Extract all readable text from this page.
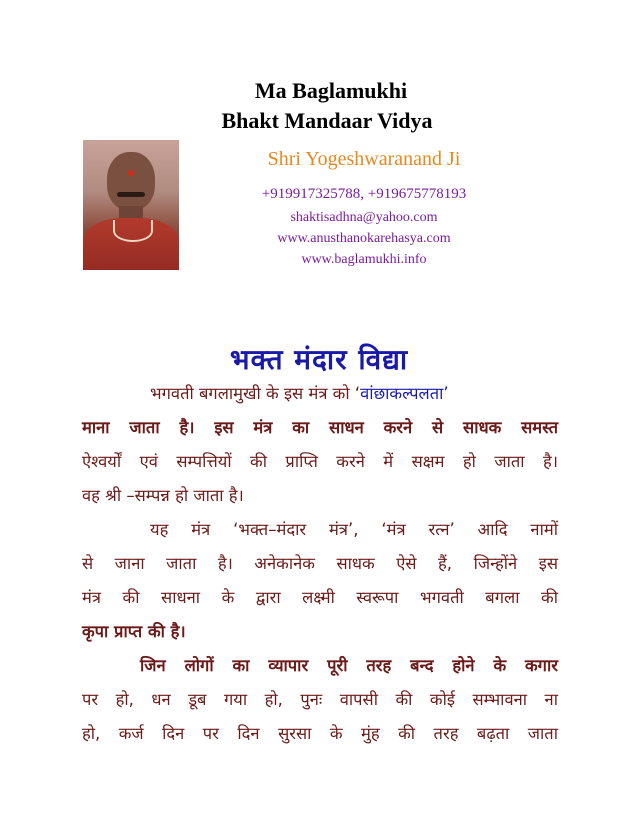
Ma Baglamukhi
Bhakt Mandaar Vidya
Shri Yogeshwaranand Ji
+919917325788, +919675778193
shaktisadhna@yahoo.com
www.anusthanokarehasya.com
www.baglamukhi.info
भक्त मंदार विद्या
भगवती बगलामुखी के इस मंत्र को ‘वांछाकल्पलता’
माना जाता है। इस मंत्र का साधन करने से साधक समस्त
ऐश्वर्यों एवं सम्पत्तियों की प्राप्ति करने में सक्षम हो जाता है।
वह श्री –सम्पन्न हो जाता है।
यह मंत्र ‘भक्त–मंदार मंत्र’, ‘मंत्र रत्न’ आदि नामों
से जाना जाता है। अनेकानेक साधक ऐसे हैं, जिन्होंने इस
मंत्र की साधना के द्वारा लक्ष्मी स्वरूपा भगवती बगला की
कृपा प्राप्त की है।
जिन लोगों का व्यापार पूरी तरह बन्द होने के कगार
पर हो, धन डूब गया हो, पुनः वापसी की कोई सम्भावना ना
हो, कर्ज दिन पर दिन सुरसा के मुंह की तरह बढ़ता जाता
